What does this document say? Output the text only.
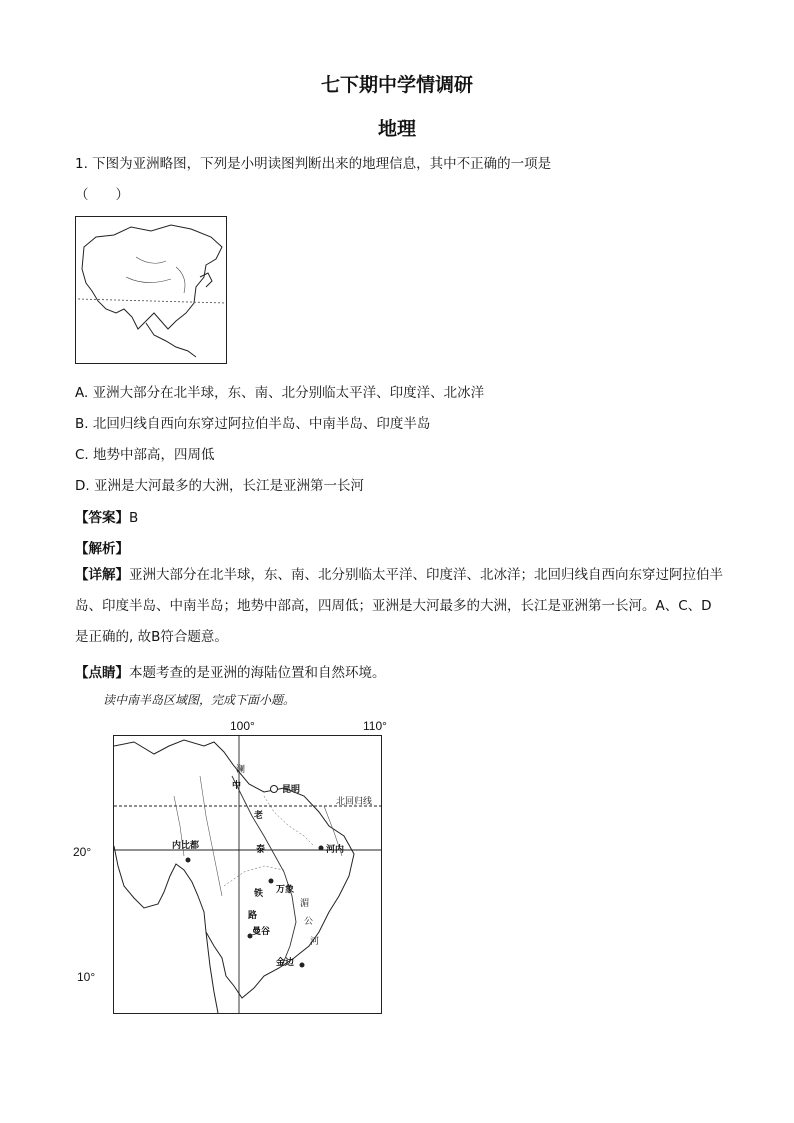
七下期中学情调研
地理
1. 下图为亚洲略图，下列是小明读图判断出来的地理信息，其中不正确的一项是
（　　）
A. 亚洲大部分在北半球，东、南、北分别临太平洋、印度洋、北冰洋
B. 北回归线自西向东穿过阿拉伯半岛、中南半岛、印度半岛
C. 地势中部高，四周低
D. 亚洲是大河最多的大洲，长江是亚洲第一长河
【答案】B
【解析】
【详解】亚洲大部分在北半球，东、南、北分别临太平洋、印度洋、北冰洋；北回归线自西向东穿过阿拉伯半岛、印度半岛、中南半岛；地势中部高，四周低；亚洲是大河最多的大洲，长江是亚洲第一长河。A、C、D是正确的, 故B符合题意。
【点睛】本题考查的是亚洲的海陆位置和自然环境。
读中南半岛区域图，完成下面小题。
100°	110°
20°
10°
昆明
北回归线
内比都	河内
万象
曼谷
金边
中
澜
老
泰
铁
路
湄
公
河
